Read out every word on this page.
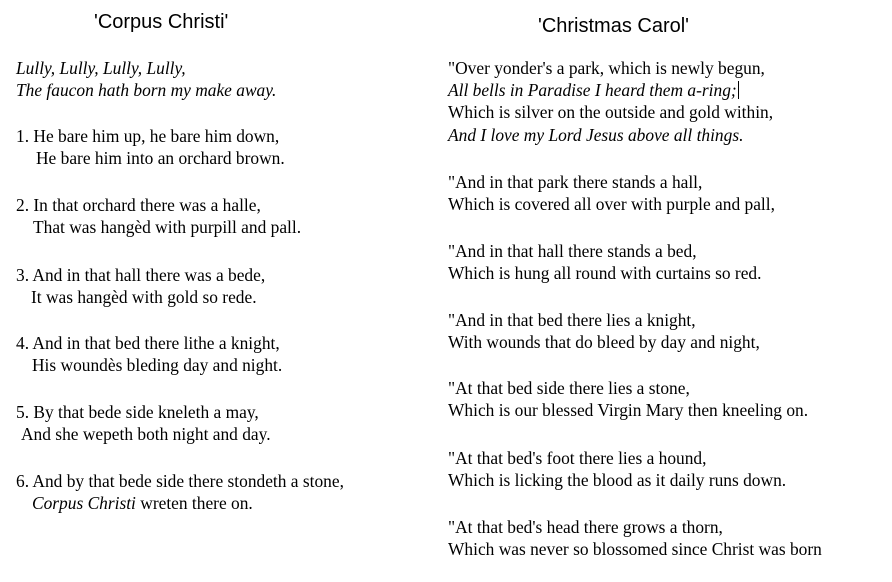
'Corpus Christi'
Lully, Lully, Lully, Lully,
The faucon hath born my make away.
1. He bare him up, he bare him down,
He bare him into an orchard brown.
2. In that orchard there was a halle,
That was hangèd with purpill and pall.
3. And in that hall there was a bede,
It was hangèd with gold so rede.
4. And in that bed there lithe a knight,
His woundès bleding day and night.
5. By that bede side kneleth a may,
And she wepeth both night and day.
6. And by that bede side there stondeth a stone,
Corpus Christi wreten there on.
'Christmas Carol'
"Over yonder's a park, which is newly begun,
All bells in Paradise I heard them a-ring;
Which is silver on the outside and gold within,
And I love my Lord Jesus above all things.
"And in that park there stands a hall,
Which is covered all over with purple and pall,
"And in that hall there stands a bed,
Which is hung all round with curtains so red.
"And in that bed there lies a knight,
With wounds that do bleed by day and night,
"At that bed side there lies a stone,
Which is our blessed Virgin Mary then kneeling on.
"At that bed's foot there lies a hound,
Which is licking the blood as it daily runs down.
"At that bed's head there grows a thorn,
Which was never so blossomed since Christ was born
